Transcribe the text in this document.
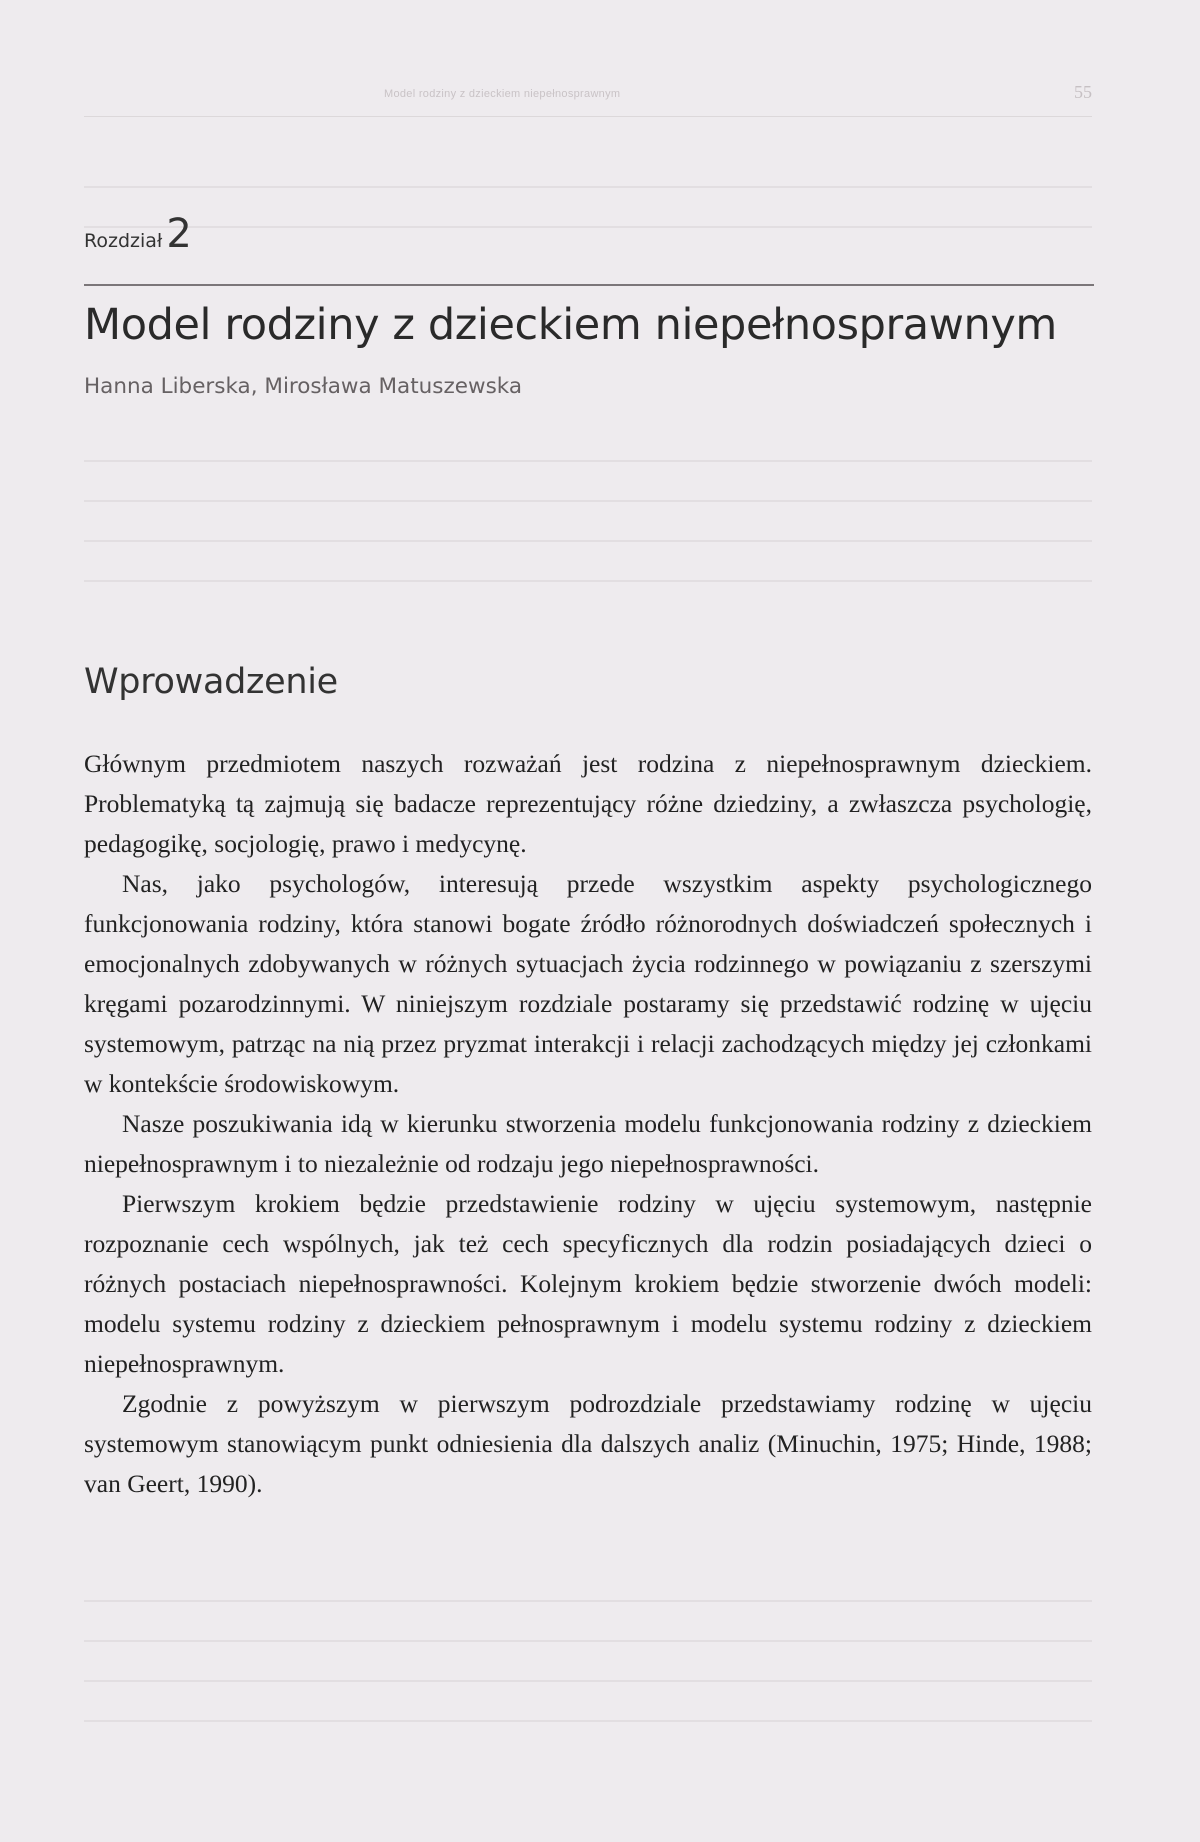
Model rodziny z dzieckiem niepełnosprawnym	55
Rozdział 2
Model rodziny z dzieckiem niepełnosprawnym
Hanna Liberska, Mirosława Matuszewska
Wprowadzenie

Głównym przedmiotem naszych rozważań jest rodzina z niepełnosprawnym dzieckiem. Problematyką tą zajmują się badacze reprezentujący różne dziedziny, a zwłaszcza psychologię, pedagogikę, socjologię, prawo i medycynę.

Nas, jako psychologów, interesują przede wszystkim aspekty psychologicznego funkcjonowania rodziny, która stanowi bogate źródło różnorodnych doświadczeń społecznych i emocjonalnych zdobywanych w różnych sytuacjach życia rodzinnego w powiązaniu z szerszymi kręgami pozarodzinnymi. W niniejszym rozdziale postaramy się przedstawić rodzinę w ujęciu systemowym, patrząc na nią przez pryzmat interakcji i relacji zachodzących między jej członkami w kontekście środowiskowym.

Nasze poszukiwania idą w kierunku stworzenia modelu funkcjonowania rodziny z dzieckiem niepełnosprawnym i to niezależnie od rodzaju jego niepełnosprawności.

Pierwszym krokiem będzie przedstawienie rodziny w ujęciu systemowym, następnie rozpoznanie cech wspólnych, jak też cech specyficznych dla rodzin posiadających dzieci o różnych postaciach niepełnosprawności. Kolejnym krokiem będzie stworzenie dwóch modeli: modelu systemu rodziny z dzieckiem pełnosprawnym i modelu systemu rodziny z dzieckiem niepełnosprawnym.

Zgodnie z powyższym w pierwszym podrozdziale przedstawiamy rodzinę w ujęciu systemowym stanowiącym punkt odniesienia dla dalszych analiz (Minuchin, 1975; Hinde, 1988; van Geert, 1990).
